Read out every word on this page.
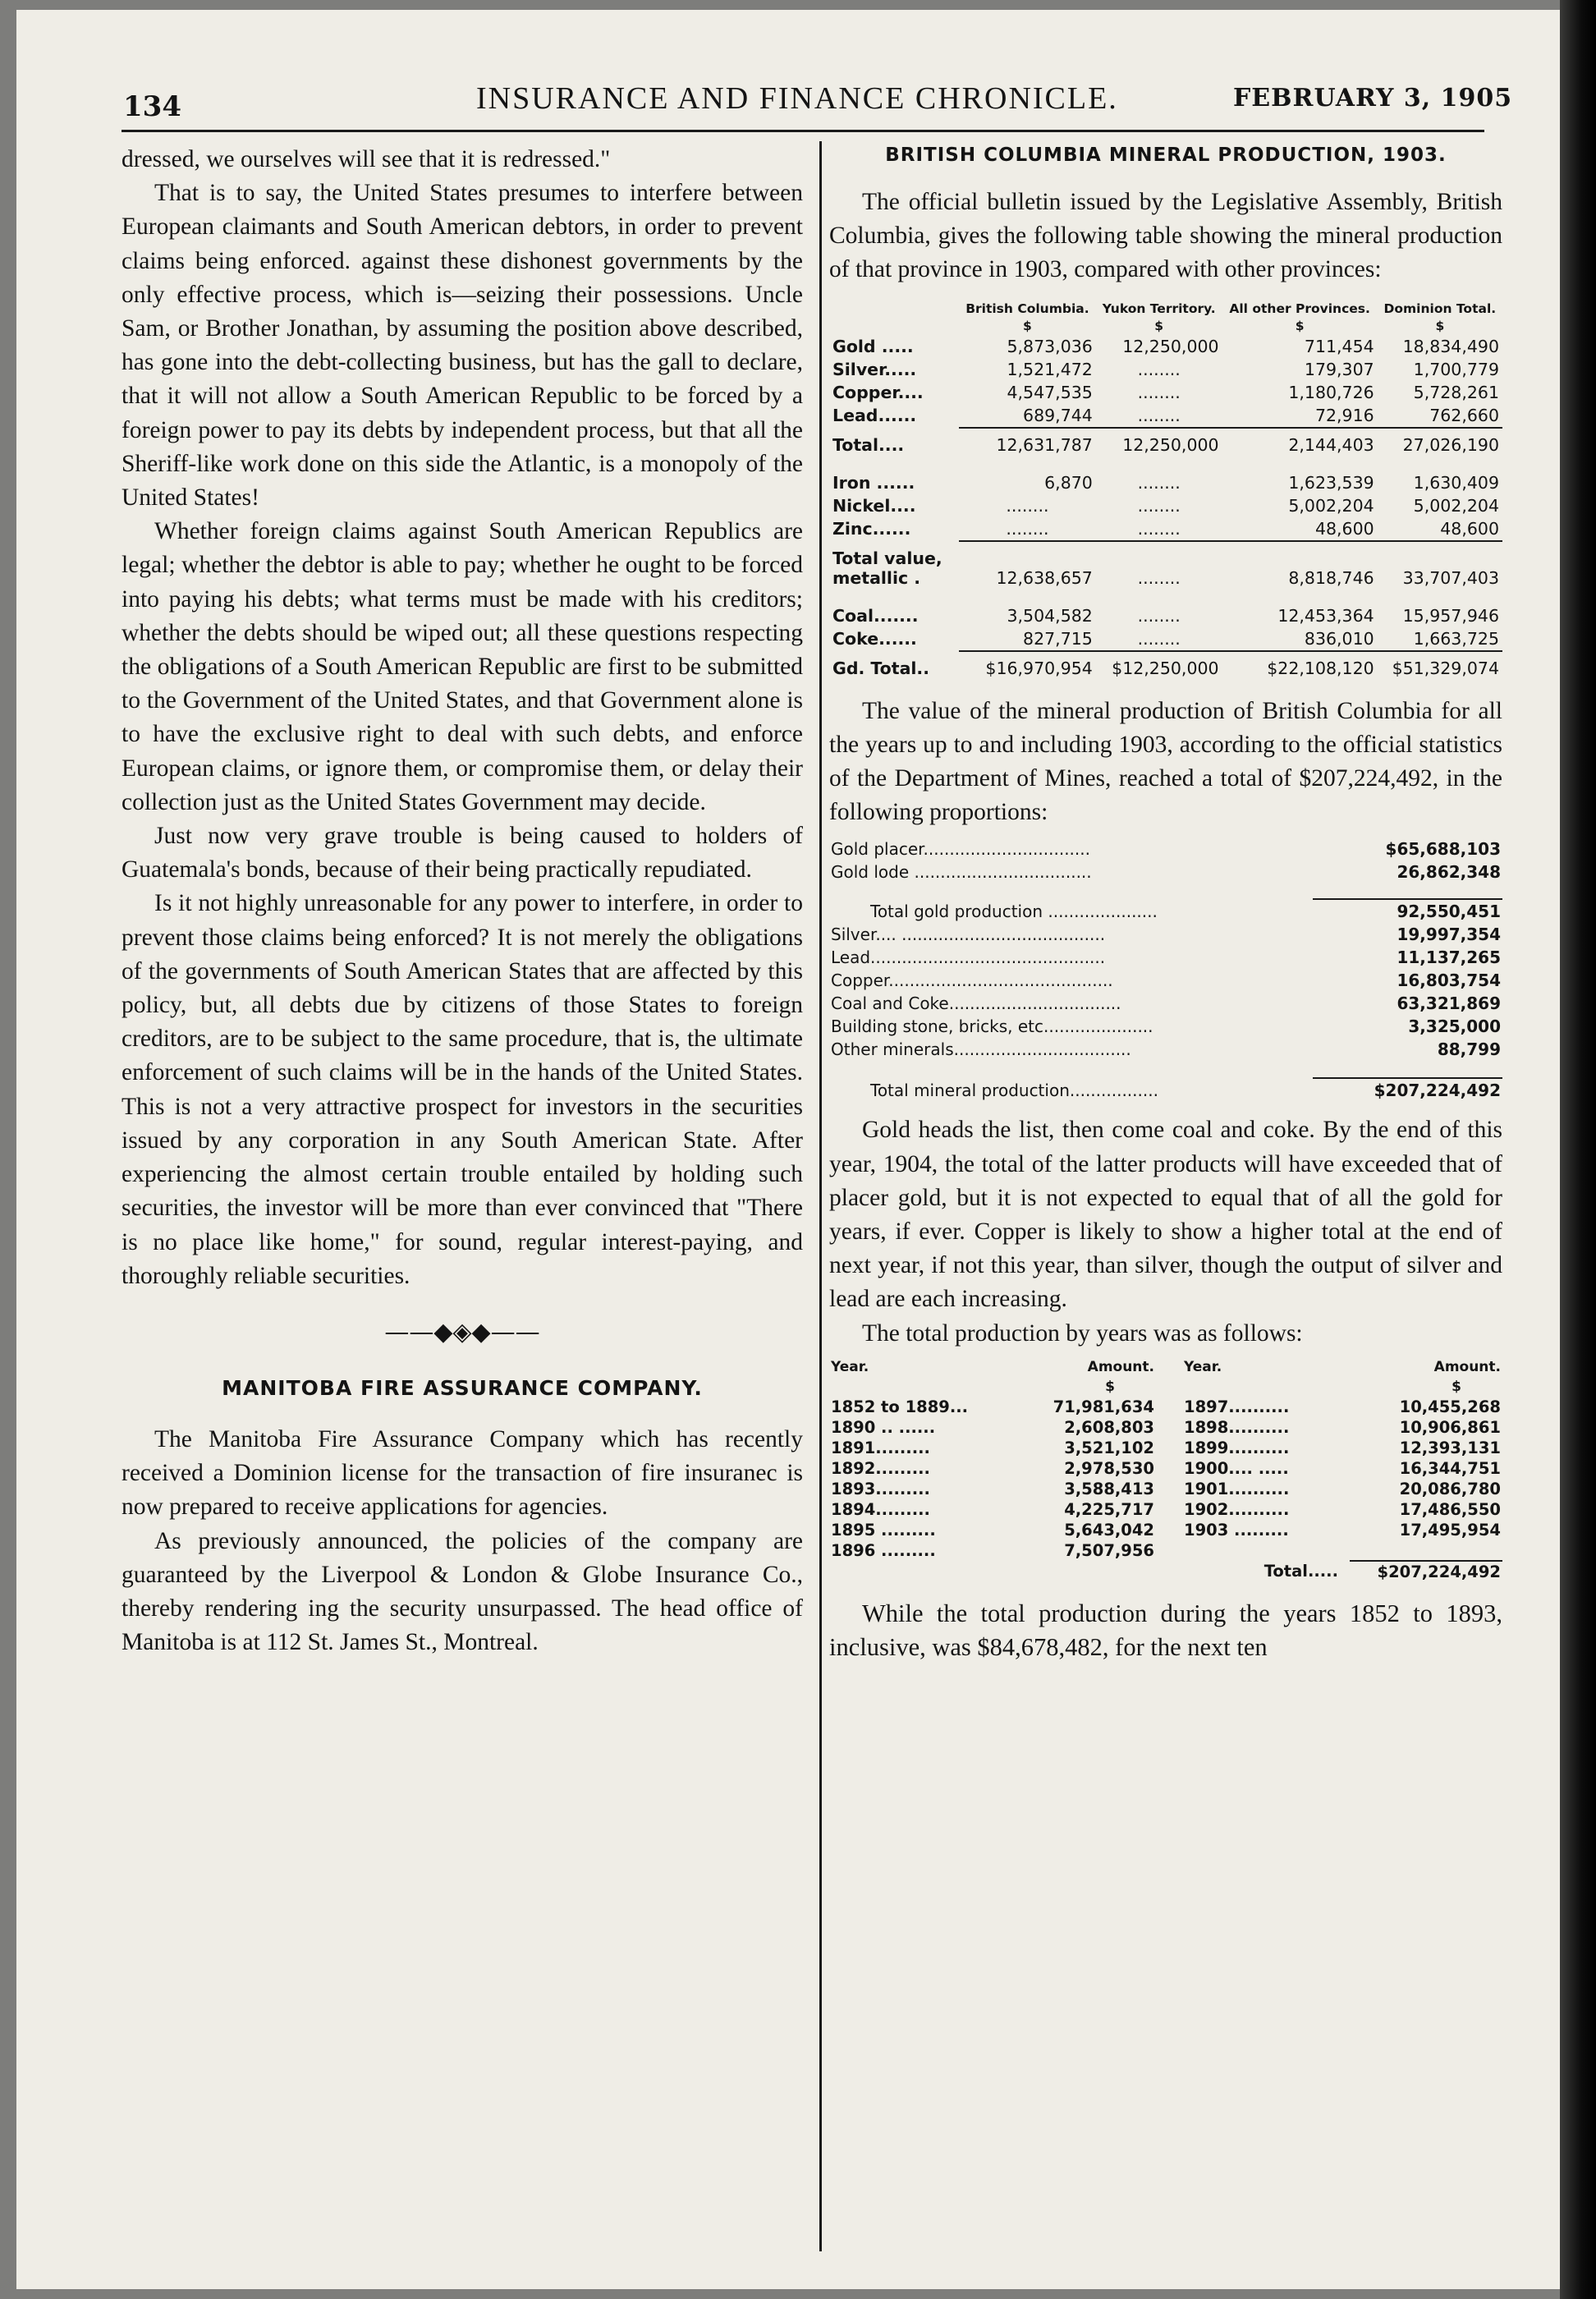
134	INSURANCE AND FINANCE CHRONICLE.	FEBRUARY 3, 1905

dressed, we ourselves will see that it is redressed."

That is to say, the United States presumes to interfere between European claimants and South American debtors, in order to prevent claims being enforced. against these dishonest governments by the only effective process, which is—seizing their possessions. Uncle Sam, or Brother Jonathan, by assuming the position above described, has gone into the debt-collecting business, but has the gall to declare, that it will not allow a South American Republic to be forced by a foreign power to pay its debts by independent process, but that all the Sheriff-like work done on this side the Atlantic, is a monopoly of the United States!

Whether foreign claims against South American Republics are legal; whether the debtor is able to pay; whether he ought to be forced into paying his debts; what terms must be made with his creditors; whether the debts should be wiped out; all these questions respecting the obligations of a South American Republic are first to be submitted to the Government of the United States, and that Government alone is to have the exclusive right to deal with such debts, and enforce European claims, or ignore them, or compromise them, or delay their collection just as the United States Government may decide.

Just now very grave trouble is being caused to holders of Guatemala's bonds, because of their being practically repudiated.

Is it not highly unreasonable for any power to interfere, in order to prevent those claims being enforced? It is not merely the obligations of the governments of South American States that are affected by this policy, but, all debts due by citizens of those States to foreign creditors, are to be subject to the same procedure, that is, the ultimate enforcement of such claims will be in the hands of the United States. This is not a very attractive prospect for investors in the securities issued by any corporation in any South American State. After experiencing the almost certain trouble entailed by holding such securities, the investor will be more than ever convinced that "There is no place like home," for sound, regular interest-paying, and thoroughly reliable securities.

——◆◈◆——
MANITOBA FIRE ASSURANCE COMPANY.

The Manitoba Fire Assurance Company which has recently received a Dominion license for the transaction of fire insuranec is now prepared to receive applications for agencies.

As previously announced, the policies of the company are guaranteed by the Liverpool & London & Globe Insurance Co., thereby rendering ing the security unsurpassed. The head office of Manitoba is at 112 St. James St., Montreal.

BRITISH COLUMBIA MINERAL PRODUCTION, 1903.

The official bulletin issued by the Legislative Assembly, British Columbia, gives the following table showing the mineral production of that province in 1903, compared with other provinces:

	British Columbia.	Yukon Territory.	All other Provinces.	Dominion Total.
	$	$	$	$
Gold .....	5,873,036	12,250,000	711,454	18,834,490
Silver.....	1,521,472	........	179,307	1,700,779
Copper....	4,547,535	........	1,180,726	5,728,261
Lead......	689,744	........	72,916	762,660

Total....	12,631,787	12,250,000	2,144,403	27,026,190

Iron ......	6,870	........	1,623,539	1,630,409
Nickel....	........	........	5,002,204	5,002,204
Zinc......	........	........	48,600	48,600

Total value, metallic .	12,638,657	........	8,818,746	33,707,403

Coal.......	3,504,582	........	12,453,364	15,957,946
Coke......	827,715	........	836,010	1,663,725

Gd. Total..	$16,970,954	$12,250,000	$22,108,120	$51,329,074

The value of the mineral production of British Columbia for all the years up to and including 1903, according to the official statistics of the Department of Mines, reached a total of $207,224,492, in the following proportions:

Gold placer................................	$65,688,103
Gold lode ..................................	26,862,348

Total gold production .....................	92,550,451
Silver.... .......................................	19,997,354
Lead.............................................	11,137,265
Copper...........................................	16,803,754
Coal and Coke.................................	63,321,869
Building stone, bricks, etc.....................	3,325,000
Other minerals..................................	88,799

Total mineral production.................	$207,224,492

Gold heads the list, then come coal and coke. By the end of this year, 1904, the total of the latter products will have exceeded that of placer gold, but it is not expected to equal that of all the gold for years, if ever. Copper is likely to show a higher total at the end of next year, if not this year, than silver, though the output of silver and lead are each increasing.

The total production by years was as follows:

Year.	Amount.	Year.	Amount.
	$		$
1852 to 1889...	71,981,634	1897..........	10,455,268
1890 .. ......	2,608,803	1898..........	10,906,861
1891.........	3,521,102	1899..........	12,393,131
1892.........	2,978,530	1900.... .....	16,344,751
1893.........	3,588,413	1901..........	20,086,780
1894.........	4,225,717	1902..........	17,486,550
1895 .........	5,643,042	1903 .........	17,495,954
1896 .........	7,507,956		
		Total.....	$207,224,492

While the total production during the years 1852 to 1893, inclusive, was $84,678,482, for the next ten
